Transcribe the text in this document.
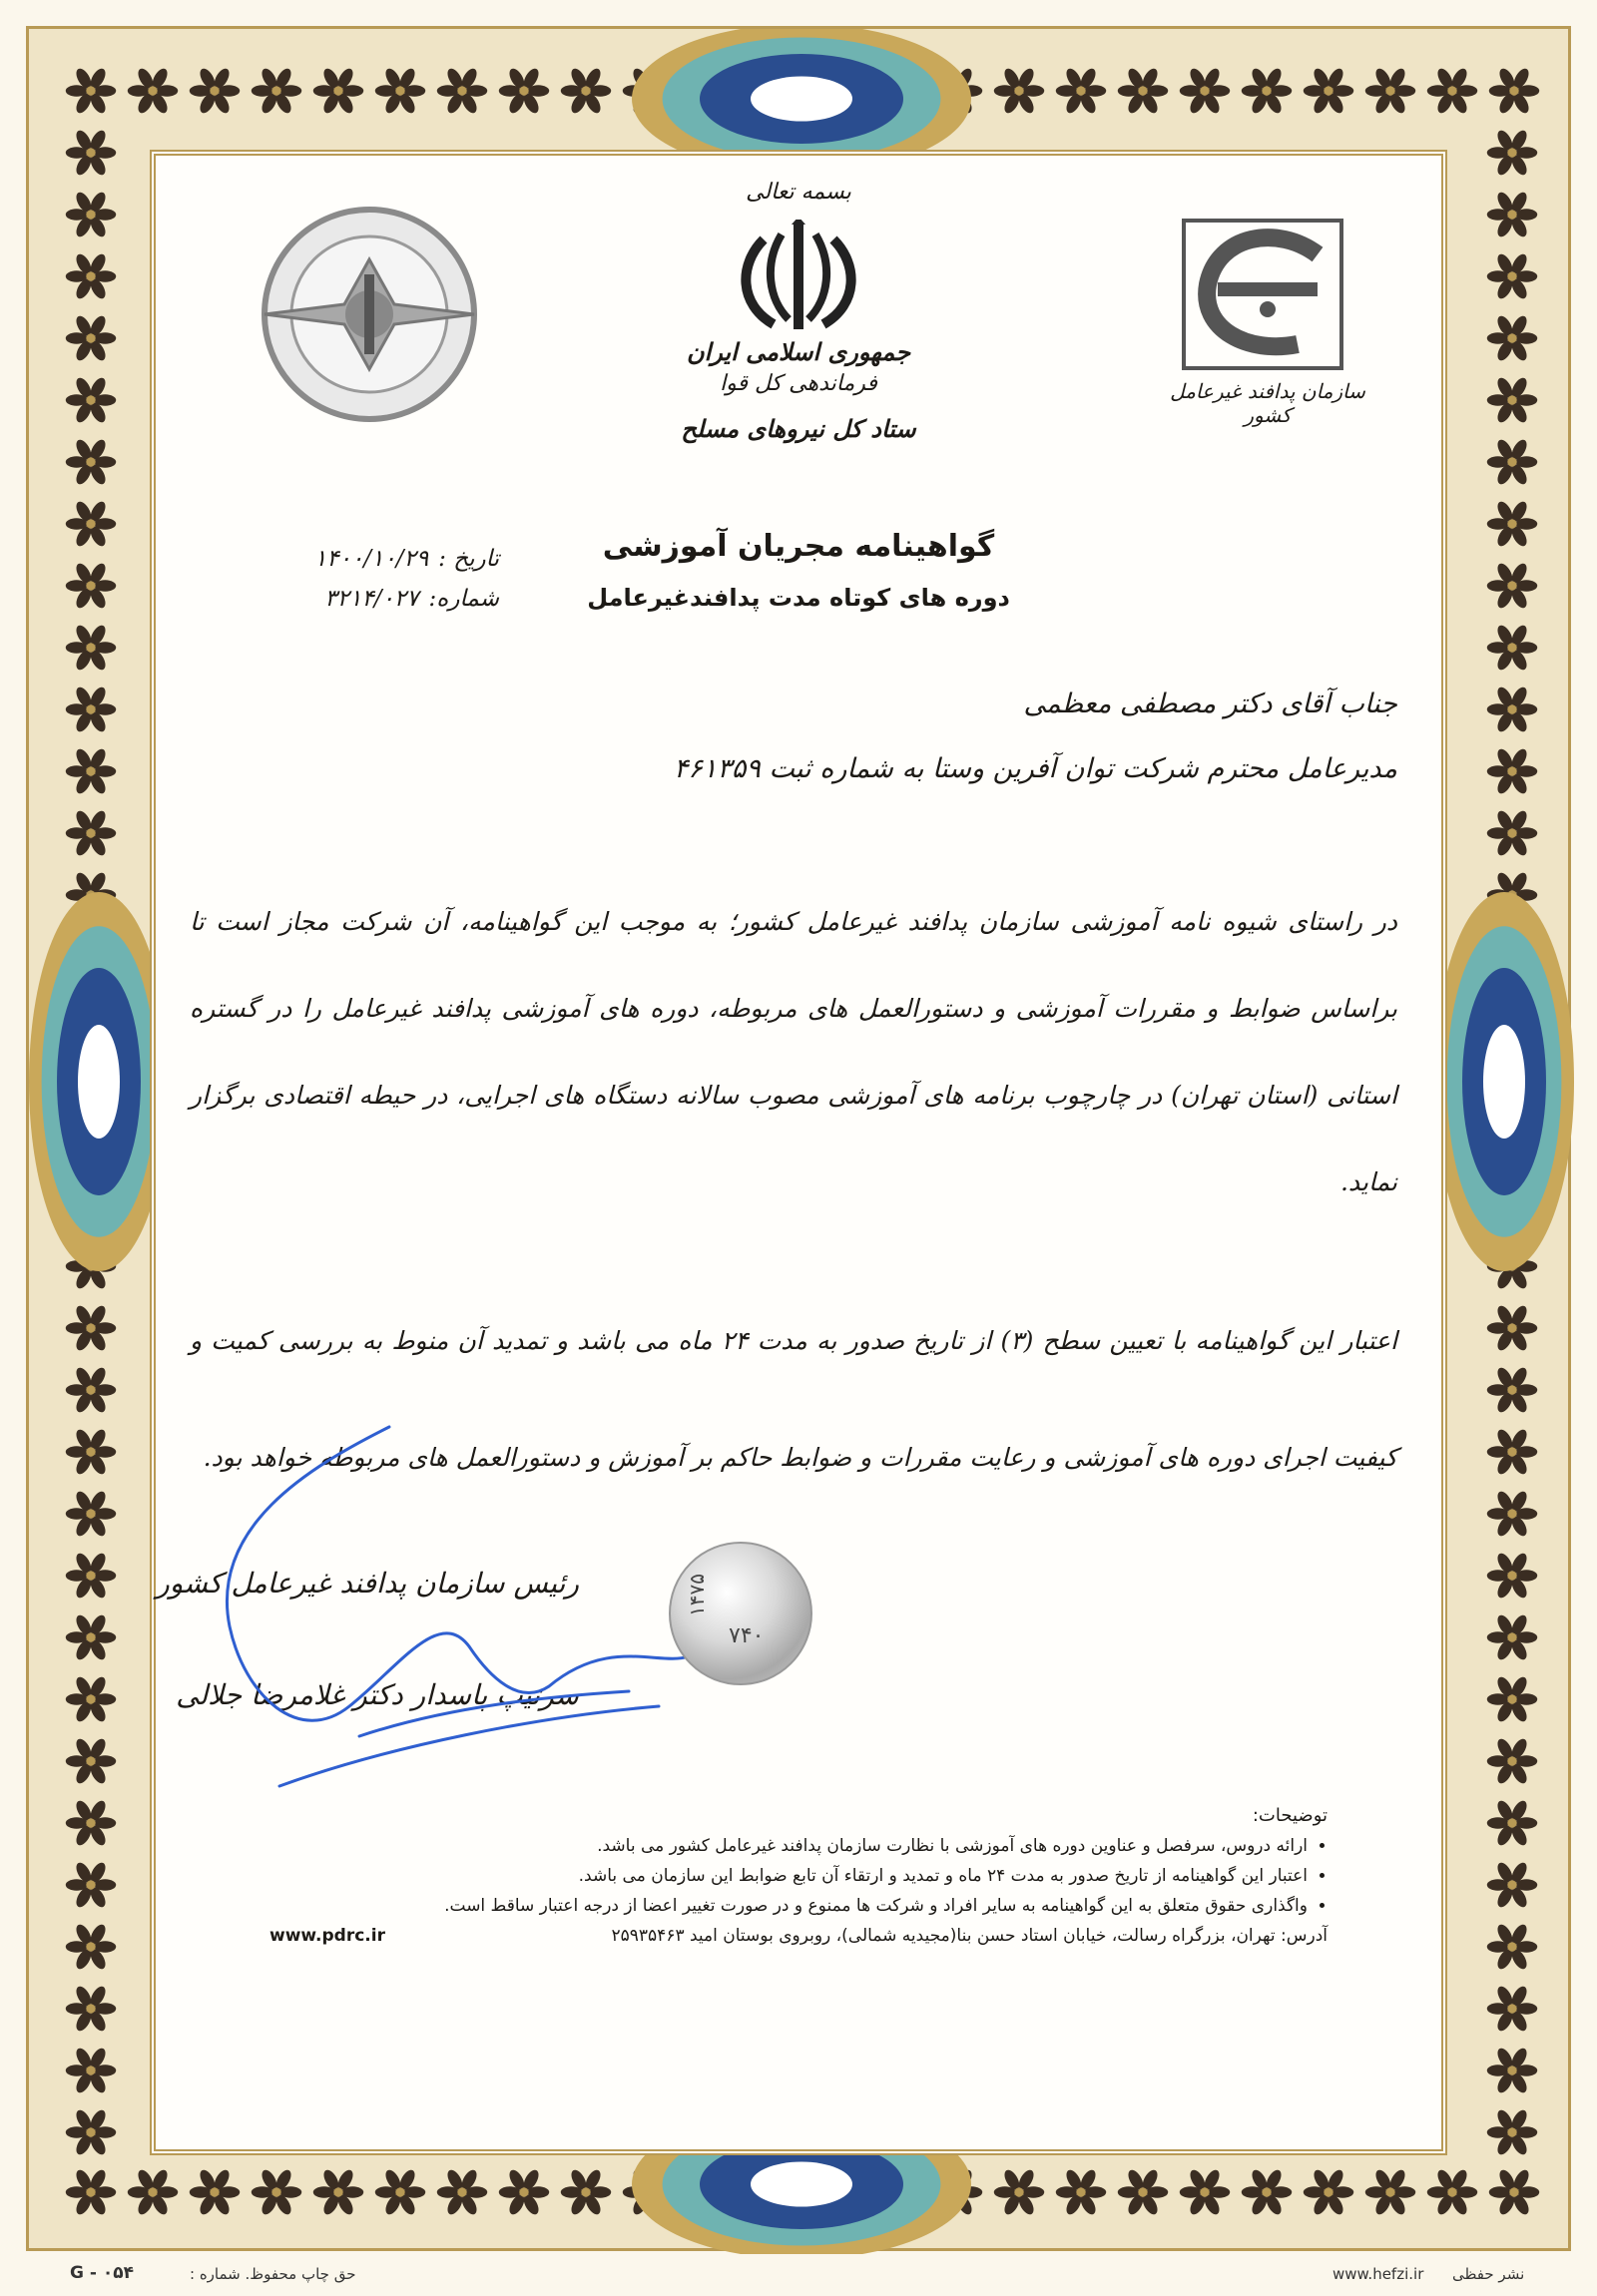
سازمان پدافند غیرعامل کشور
بسمه تعالی
جمهوری اسلامی ایران
فرماندهی کل قوا
ستاد کل نیروهای مسلح
گواهینامه مجریان آموزشی
دوره های کوتاه مدت پدافندغیرعامل
تاریخ :
۱۴۰۰/۱۰/۲۹
شماره:
۳۲۱۴/۰۲۷
جناب آقای دکتر مصطفی معظمی
مدیرعامل محترم شرکت توان آفرین وستا به شماره ثبت ۴۶۱۳۵۹
در راستای شیوه نامه آموزشی سازمان پدافند غیرعامل کشور؛ به موجب این گواهینامه، آن شرکت مجاز است تا براساس ضوابط و مقررات آموزشی و دستورالعمل های مربوطه، دوره های آموزشی پدافند غیرعامل را در گستره استانی (استان تهران) در چارچوب برنامه های آموزشی مصوب سالانه دستگاه های اجرایی، در حیطه اقتصادی برگزار نماید.
اعتبار این گواهینامه با تعیین سطح (۳) از تاریخ صدور به مدت ۲۴ ماه می باشد و تمدید آن منوط به بررسی کمیت و کیفیت اجرای دوره های آموزشی و رعایت مقررات و ضوابط حاکم بر آموزش و دستورالعمل های مربوطه خواهد بود.
رئیس سازمان پدافند غیرعامل کشور
سرتیپ پاسدار دکتر غلامرضا جلالی
۱۴۷۵
۷۴۰
توضیحات:
• ارائه دروس، سرفصل و عناوین دوره های آموزشی با نظارت سازمان پدافند غیرعامل کشور می باشد.
• اعتبار این گواهینامه از تاریخ صدور به مدت ۲۴ ماه و تمدید و ارتقاء آن تابع ضوابط این سازمان می باشد.
• واگذاری حقوق متعلق به این گواهینامه به سایر افراد و شرکت ها ممنوع و در صورت تغییر اعضا از درجه اعتبار ساقط است.
آدرس: تهران، بزرگراه رسالت، خیابان استاد حسن بنا(مجیدیه شمالی)، روبروی بوستان امید ۲۵۹۳۵۴۶۳
www.pdrc.ir
G - ۰۵۴	حق چاپ محفوظ. شماره :	www.hefzi.ir نشر حفظی
